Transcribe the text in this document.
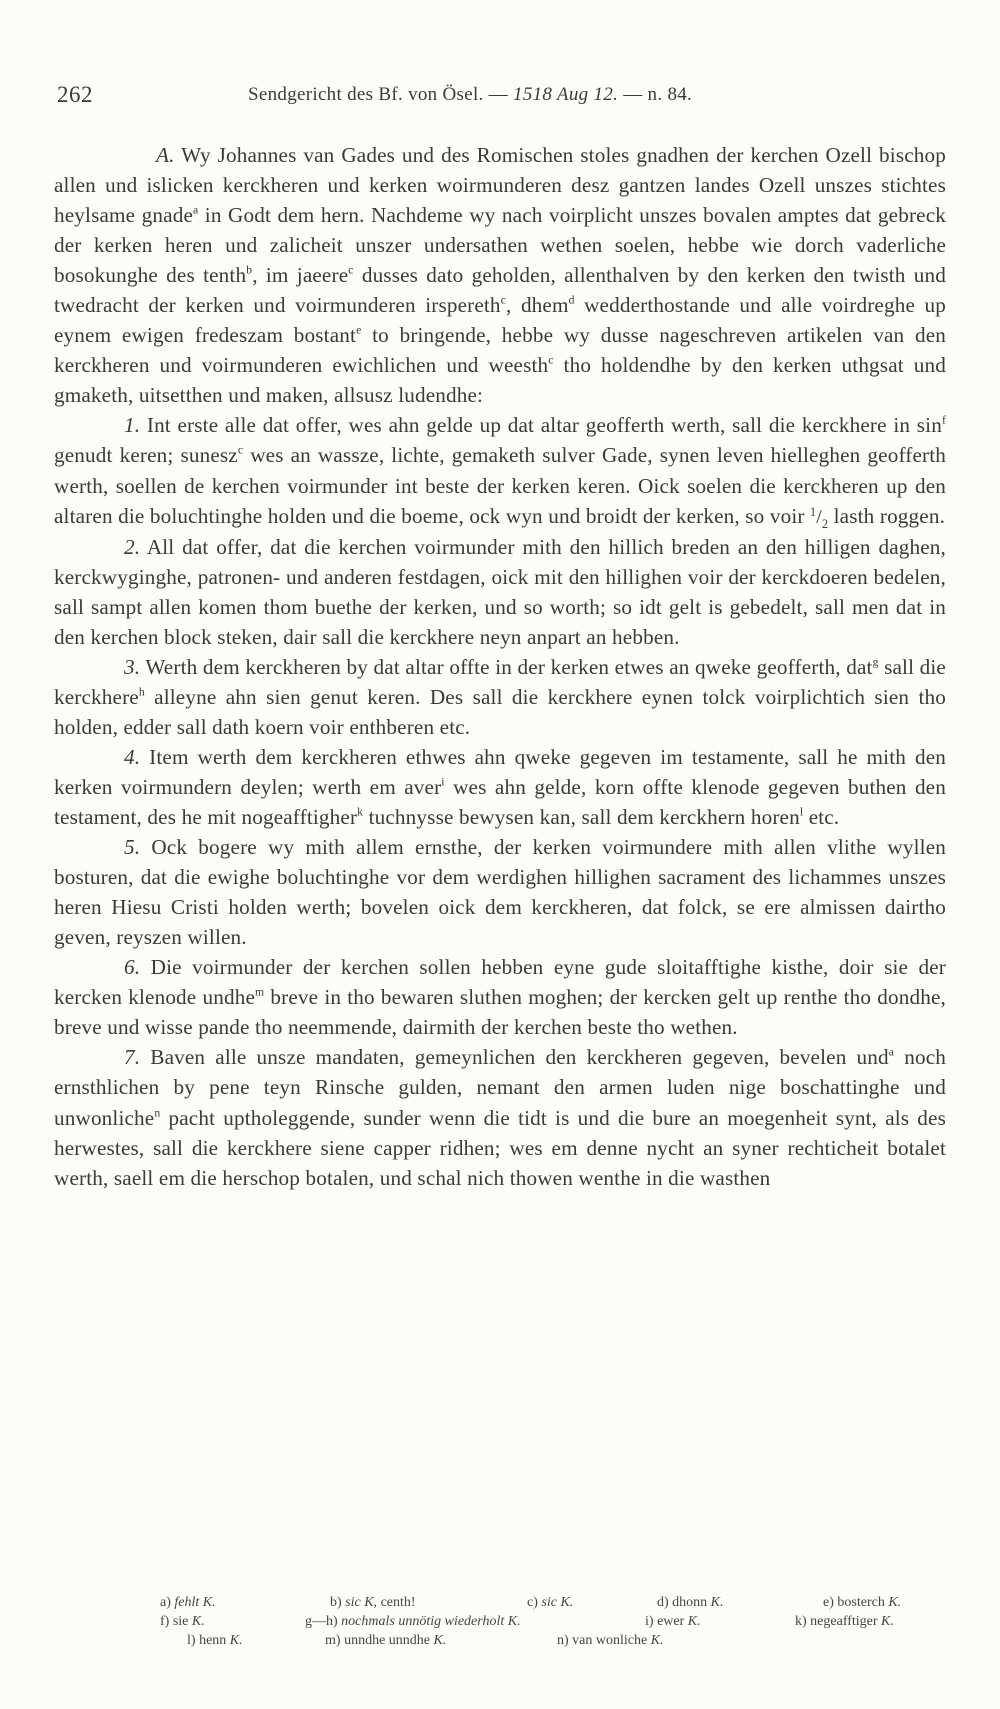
262	Sendgericht des Bf. von Ösel. — 1518 Aug 12. — n. 84.

A. Wy Johannes van Gades und des Romischen stoles gnadhen der kerchen Ozell bischop allen und islicken kerckheren und kerken woirmunderen desz gantzen landes Ozell unszes stichtes heylsame gnade$^a$ in Godt dem hern. Nachdeme wy nach voirplicht unszes bovalen amptes dat gebreck der kerken heren und zalicheit unszer undersathen wethen soelen, hebbe wie dorch vaderliche bosokunghe des tenth$^b$, im jaeere$^c$ dusses dato geholden, allenthalven by den kerken den twisth und twedracht der kerken und voirmunderen irspereth$^c$, dhem$^d$ wedderthostande und alle voirdreghe up eynem ewigen fredeszam bostant$^e$ to bringende, hebbe wy dusse nageschreven artikelen van den kerckheren und voirmunderen ewichlichen und weesth$^c$ tho holdendhe by den kerken uthgsat und gmaketh, uitsetthen und maken, allsusz ludendhe:

1. Int erste alle dat offer, wes ahn gelde up dat altar geofferth werth, sall die kerckhere in $\sin^f$ genudt keren; sunesz$^c$ wes an wassze, lichte, gemaketh sulver Gade, synen leven hielleghen geofferth werth, soellen de kerchen voirmunder int beste der kerken keren. Oick soelen die kerckheren up den altaren die boluchtinghe holden und die boeme, ock wyn und broidt der kerken, so voir $^1/_2$ lasth roggen.

2. All dat offer, dat die kerchen voirmunder mith den hillich breden an den hilligen daghen, kerckwyginghe, patronen- und anderen festdagen, oick mit den hillighen voir der kerckdoeren bedelen, sall sampt allen komen thom buethe der kerken, und so worth; so idt gelt is gebedelt, sall men dat in den kerchen block steken, dair sall die kerckhere neyn anpart an hebben.

3. Werth dem kerckheren by dat altar offte in der kerken etwes an qweke geofferth, dat$^g$ sall die kerckhere$^h$ alleyne ahn sien genut keren. Des sall die kerckhere eynen tolck voirplichtich sien tho holden, edder sall dath koern voir enthberen etc.

4. Item werth dem kerckheren ethwes ahn qweke gegeven im testamente, sall he mith den kerken voirmundern deylen; werth em aver$^i$ wes ahn gelde, korn offte klenode gegeven buthen den testament, des he mit nogeafftigher$^k$ tuchnysse bewysen kan, sall dem kerckhern horen$^l$ etc.

5. Ock bogere wy mith allem ernsthe, der kerken voirmundere mith allen vlithe wyllen bosturen, dat die ewighe boluchtinghe vor dem werdighen hillighen sacrament des lichammes unszes heren Hiesu Cristi holden werth; bovelen oick dem kerckheren, dat folck, se ere almissen dairtho geven, reyszen willen.

6. Die voirmunder der kerchen sollen hebben eyne gude sloitafftighe kisthe, doir sie der kercken klenode undhe$^m$ breve in tho bewaren sluthen moghen; der kercken gelt up renthe tho dondhe, breve und wisse pande tho neemmende, dairmith der kerchen beste tho wethen.

7. Baven alle unsze mandaten, gemeynlichen den kerckheren gegeven, bevelen und$^a$ noch ernsthlichen by pene teyn Rinsche gulden, nemant den armen luden nige boschattinghe und unwonliche$^n$ pacht uptholeggende, sunder wenn die tidt is und die bure an moegenheit synt, als des herwestes, sall die kerckhere siene capper ridhen; wes em denne nycht an syner rechticheit botalet werth, saell em die herschop botalen, und schal nich thowen wenthe in die wasthen

a) fehlt K.	b) sic K, centh!	c) sic K.	d) dhonn K.	e) bosterch K.
f) sie K.	g—h) nochmals unnötig wiederholt K.	i) ewer K.	k) negeafftiger K.
l) henn K.	m) unndhe unndhe K.	n) van wonliche K.
